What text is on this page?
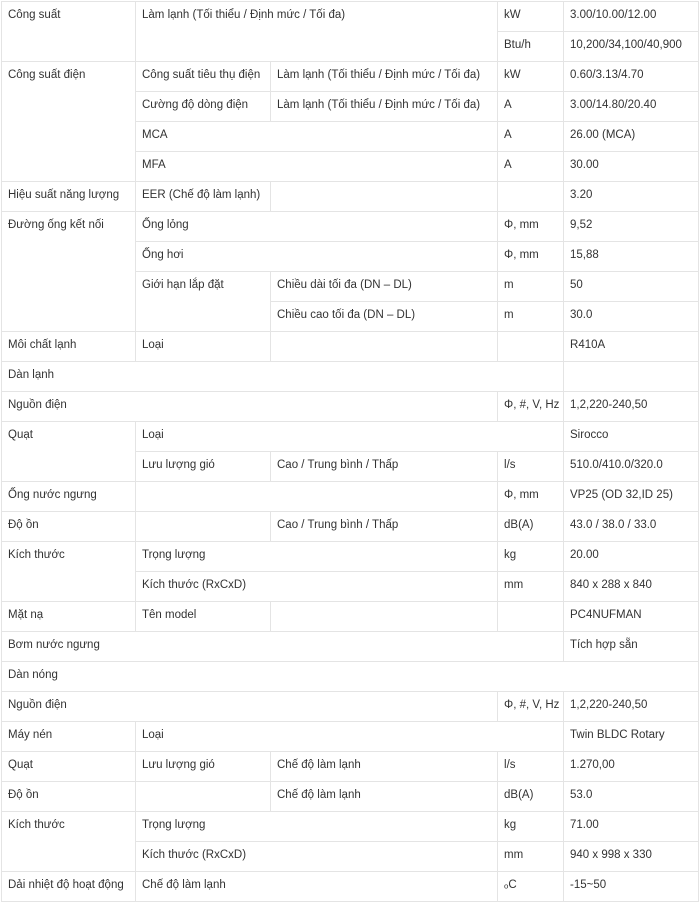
Công suất	Làm lạnh (Tối thiểu / Định mức / Tối đa)		kW	3.00/10.00/12.00

			Btu/h	10,200/34,100/40,900

Công suất điện	Công suất tiêu thụ điện	Làm lạnh (Tối thiểu / Định mức / Tối đa)	kW	0.60/3.13/4.70

	Cường độ dòng điện	Làm lạnh (Tối thiểu / Định mức / Tối đa)	A	3.00/14.80/20.40

	MCA		A	26.00 (MCA)

	MFA		A	30.00

Hiệu suất năng lượng	EER (Chế độ làm lạnh)			3.20

Đường ống kết nối	Ống lỏng		Φ, mm	9,52

	Ống hơi		Φ, mm	15,88

	Giới hạn lắp đặt	Chiều dài tối đa (DN – DL)	m	50

		Chiều cao tối đa (DN – DL)	m	30.0

Môi chất lạnh	Loại			R410A

Dàn lạnh				

Nguồn điện			Φ, #, V, Hz	1,2,220-240,50

Quạt	Loại			Sirocco

	Lưu lượng gió	Cao / Trung bình / Thấp	l/s	510.0/410.0/320.0

Ống nước ngưng			Φ, mm	VP25 (OD 32,ID 25)

Độ ồn		Cao / Trung bình / Thấp	dB(A)	43.0 / 38.0 / 33.0

Kích thước	Trọng lượng		kg	20.00

	Kích thước (RxCxD)		mm	840 x 288 x 840

Mặt nạ	Tên model			PC4NUFMAN

Bơm nước ngưng				Tích hợp sẵn

Dàn nóng				

Nguồn điện			Φ, #, V, Hz	1,2,220-240,50

Máy nén	Loại			Twin BLDC Rotary

Quạt	Lưu lượng gió	Chế độ làm lạnh	l/s	1.270,00

Độ ồn		Chế độ làm lạnh	dB(A)	53.0

Kích thước	Trọng lượng		kg	71.00

	Kích thước (RxCxD)		mm	940 x 998 x 330

Dải nhiệt độ hoạt động	Chế độ làm lạnh		ₒC	-15~50
